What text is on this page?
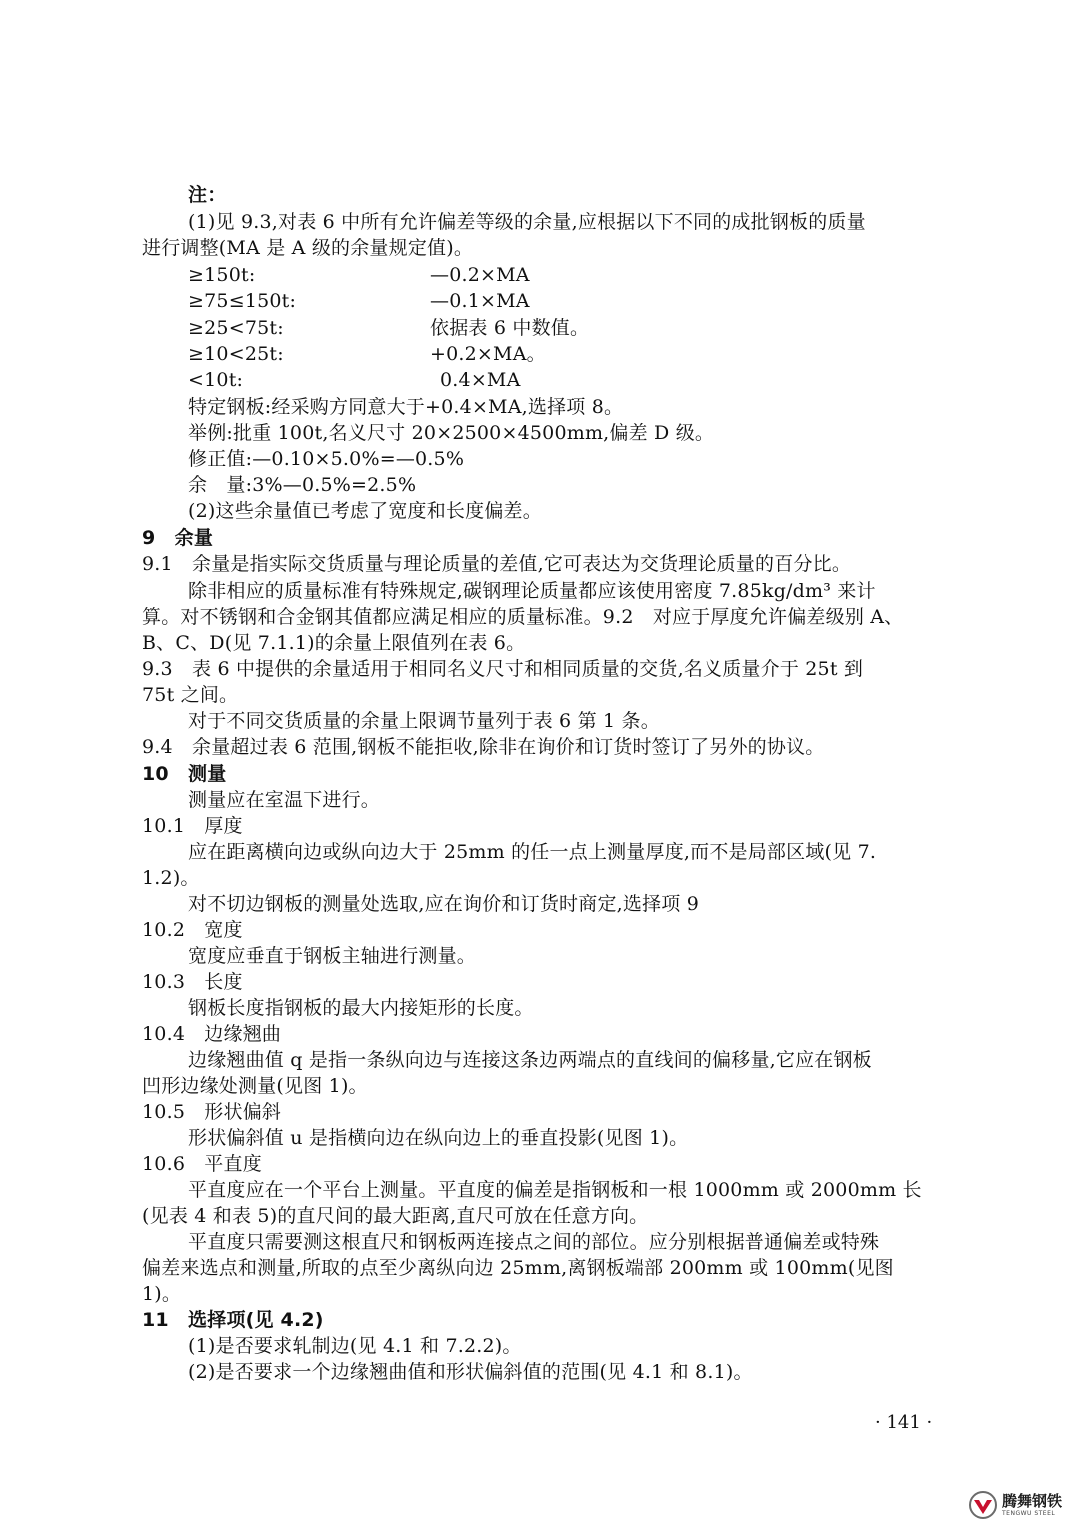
注：
(1)见 9.3,对表 6 中所有允许偏差等级的余量,应根据以下不同的成批钢板的质量
进行调整(MA 是 A 级的余量规定值)。
≥150t:	—0.2×MA
≥75≤150t:	—0.1×MA
≥25<75t:	依据表 6 中数值。
≥10<25t:	+0.2×MA。
<10t:	0.4×MA
特定钢板:经采购方同意大于+0.4×MA,选择项 8。
举例:批重 100t,名义尺寸 20×2500×4500mm,偏差 D 级。
修正值:—0.10×5.0%=—0.5%
余　量:3%—0.5%=2.5%
(2)这些余量值已考虑了宽度和长度偏差。
9　余量
9.1　余量是指实际交货质量与理论质量的差值,它可表达为交货理论质量的百分比。
除非相应的质量标准有特殊规定,碳钢理论质量都应该使用密度 7.85kg/dm³ 来计
算。对不锈钢和合金钢其值都应满足相应的质量标准。9.2　对应于厚度允许偏差级别 A、
B、C、D(见 7.1.1)的余量上限值列在表 6。
9.3　表 6 中提供的余量适用于相同名义尺寸和相同质量的交货,名义质量介于 25t 到
75t 之间。
对于不同交货质量的余量上限调节量列于表 6 第 1 条。
9.4　余量超过表 6 范围,钢板不能拒收,除非在询价和订货时签订了另外的协议。
10　测量
测量应在室温下进行。
10.1　厚度
应在距离横向边或纵向边大于 25mm 的任一点上测量厚度,而不是局部区域(见 7.
1.2)。
对不切边钢板的测量处选取,应在询价和订货时商定,选择项 9
10.2　宽度
宽度应垂直于钢板主轴进行测量。
10.3　长度
钢板长度指钢板的最大内接矩形的长度。
10.4　边缘翘曲
边缘翘曲值 q 是指一条纵向边与连接这条边两端点的直线间的偏移量,它应在钢板
凹形边缘处测量(见图 1)。
10.5　形状偏斜
形状偏斜值 u 是指横向边在纵向边上的垂直投影(见图 1)。
10.6　平直度
平直度应在一个平台上测量。平直度的偏差是指钢板和一根 1000mm 或 2000mm 长
(见表 4 和表 5)的直尺间的最大距离,直尺可放在任意方向。
平直度只需要测这根直尺和钢板两连接点之间的部位。应分别根据普通偏差或特殊
偏差来选点和测量,所取的点至少离纵向边 25mm,离钢板端部 200mm 或 100mm(见图
1)。
11　选择项(见 4.2)
(1)是否要求轧制边(见 4.1 和 7.2.2)。
(2)是否要求一个边缘翘曲值和形状偏斜值的范围(见 4.1 和 8.1)。
· 141 ·
腾舞钢铁
TENGWU STEEL
